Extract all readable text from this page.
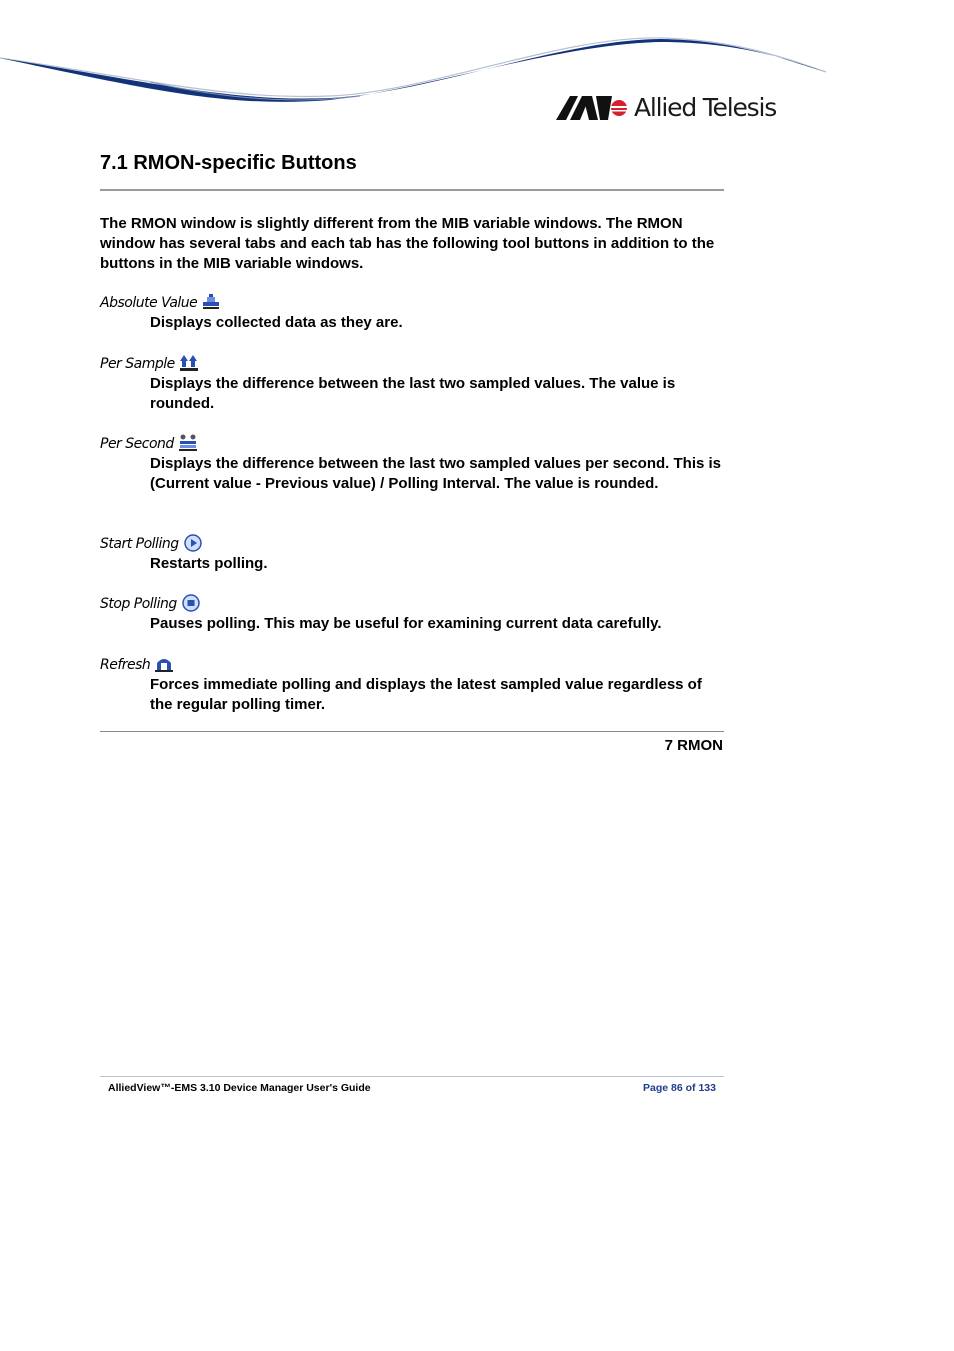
Allied Telesis
7.1 RMON-specific Buttons

The RMON window is slightly different from the MIB variable windows. The RMON window has several tabs and each tab has the following tool buttons in addition to the buttons in the MIB variable windows.

Absolute Value

Displays collected data as they are.

Per Sample

Displays the difference between the last two sampled values. The value is rounded.

Per Second

Displays the difference between the last two sampled values per second. This is (Current value - Previous value) / Polling Interval. The value is rounded.

Start Polling

Restarts polling.

Stop Polling

Pauses polling. This may be useful for examining current data carefully.

Refresh

Forces immediate polling and displays the latest sampled value regardless of the regular polling timer.

7 RMON
AlliedView™-EMS 3.10 Device Manager User's Guide	Page 86 of 133
